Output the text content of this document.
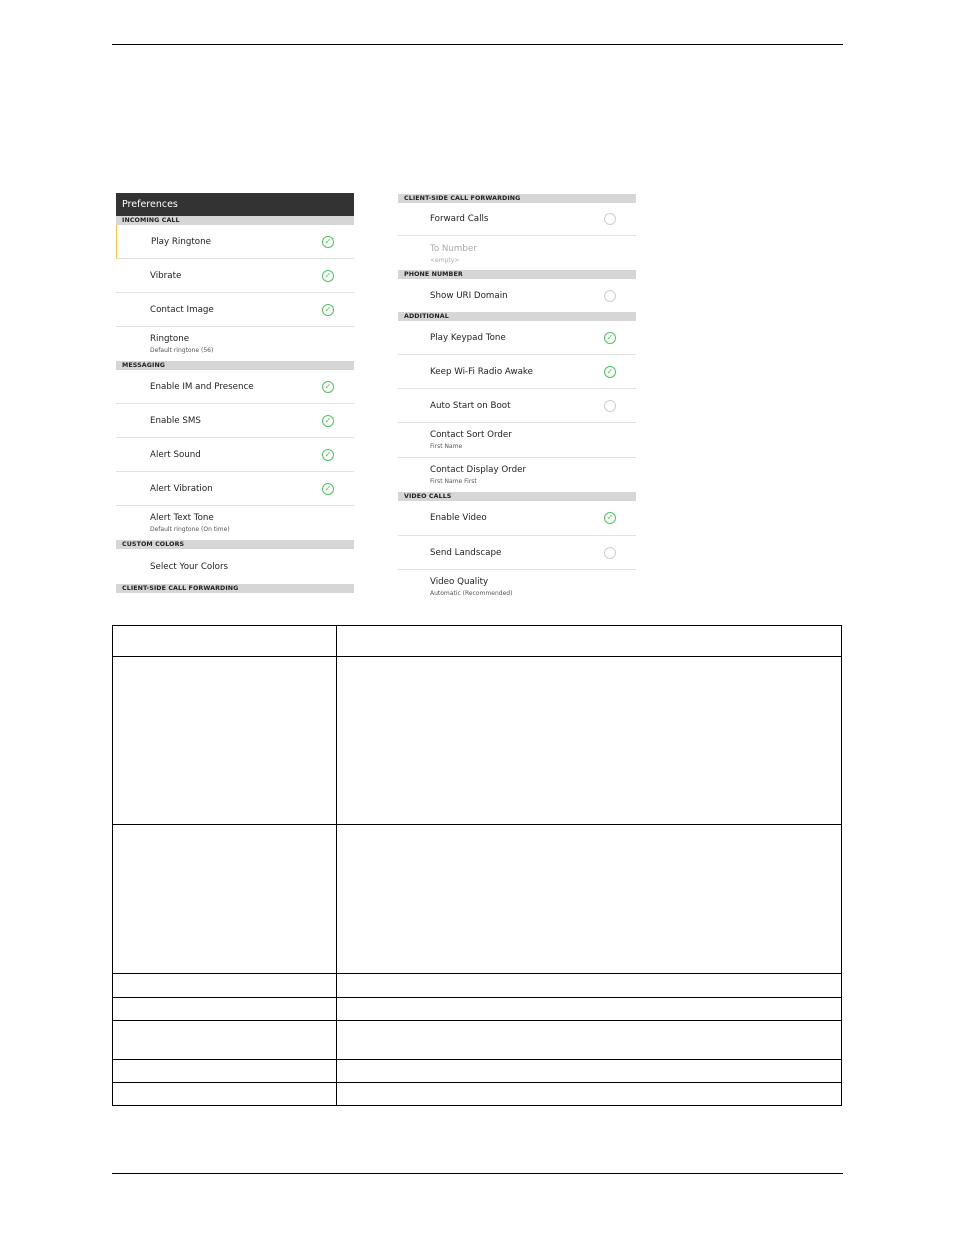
Preferences
INCOMING CALL
Play Ringtone	✓
Vibrate	✓
Contact Image	✓
Ringtone
Default ringtone (56)
MESSAGING
Enable IM and Presence	✓
Enable SMS	✓
Alert Sound	✓
Alert Vibration	✓
Alert Text Tone
Default ringtone (On time)
CUSTOM COLORS
Select Your Colors
CLIENT-SIDE CALL FORWARDING
CLIENT-SIDE CALL FORWARDING
Forward Calls
To Number
<empty>
PHONE NUMBER
Show URI Domain
ADDITIONAL
Play Keypad Tone	✓
Keep Wi-Fi Radio Awake	✓
Auto Start on Boot
Contact Sort Order
First Name
Contact Display Order
First Name First
VIDEO CALLS
Enable Video	✓
Send Landscape
Video Quality
Automatic (Recommended)
